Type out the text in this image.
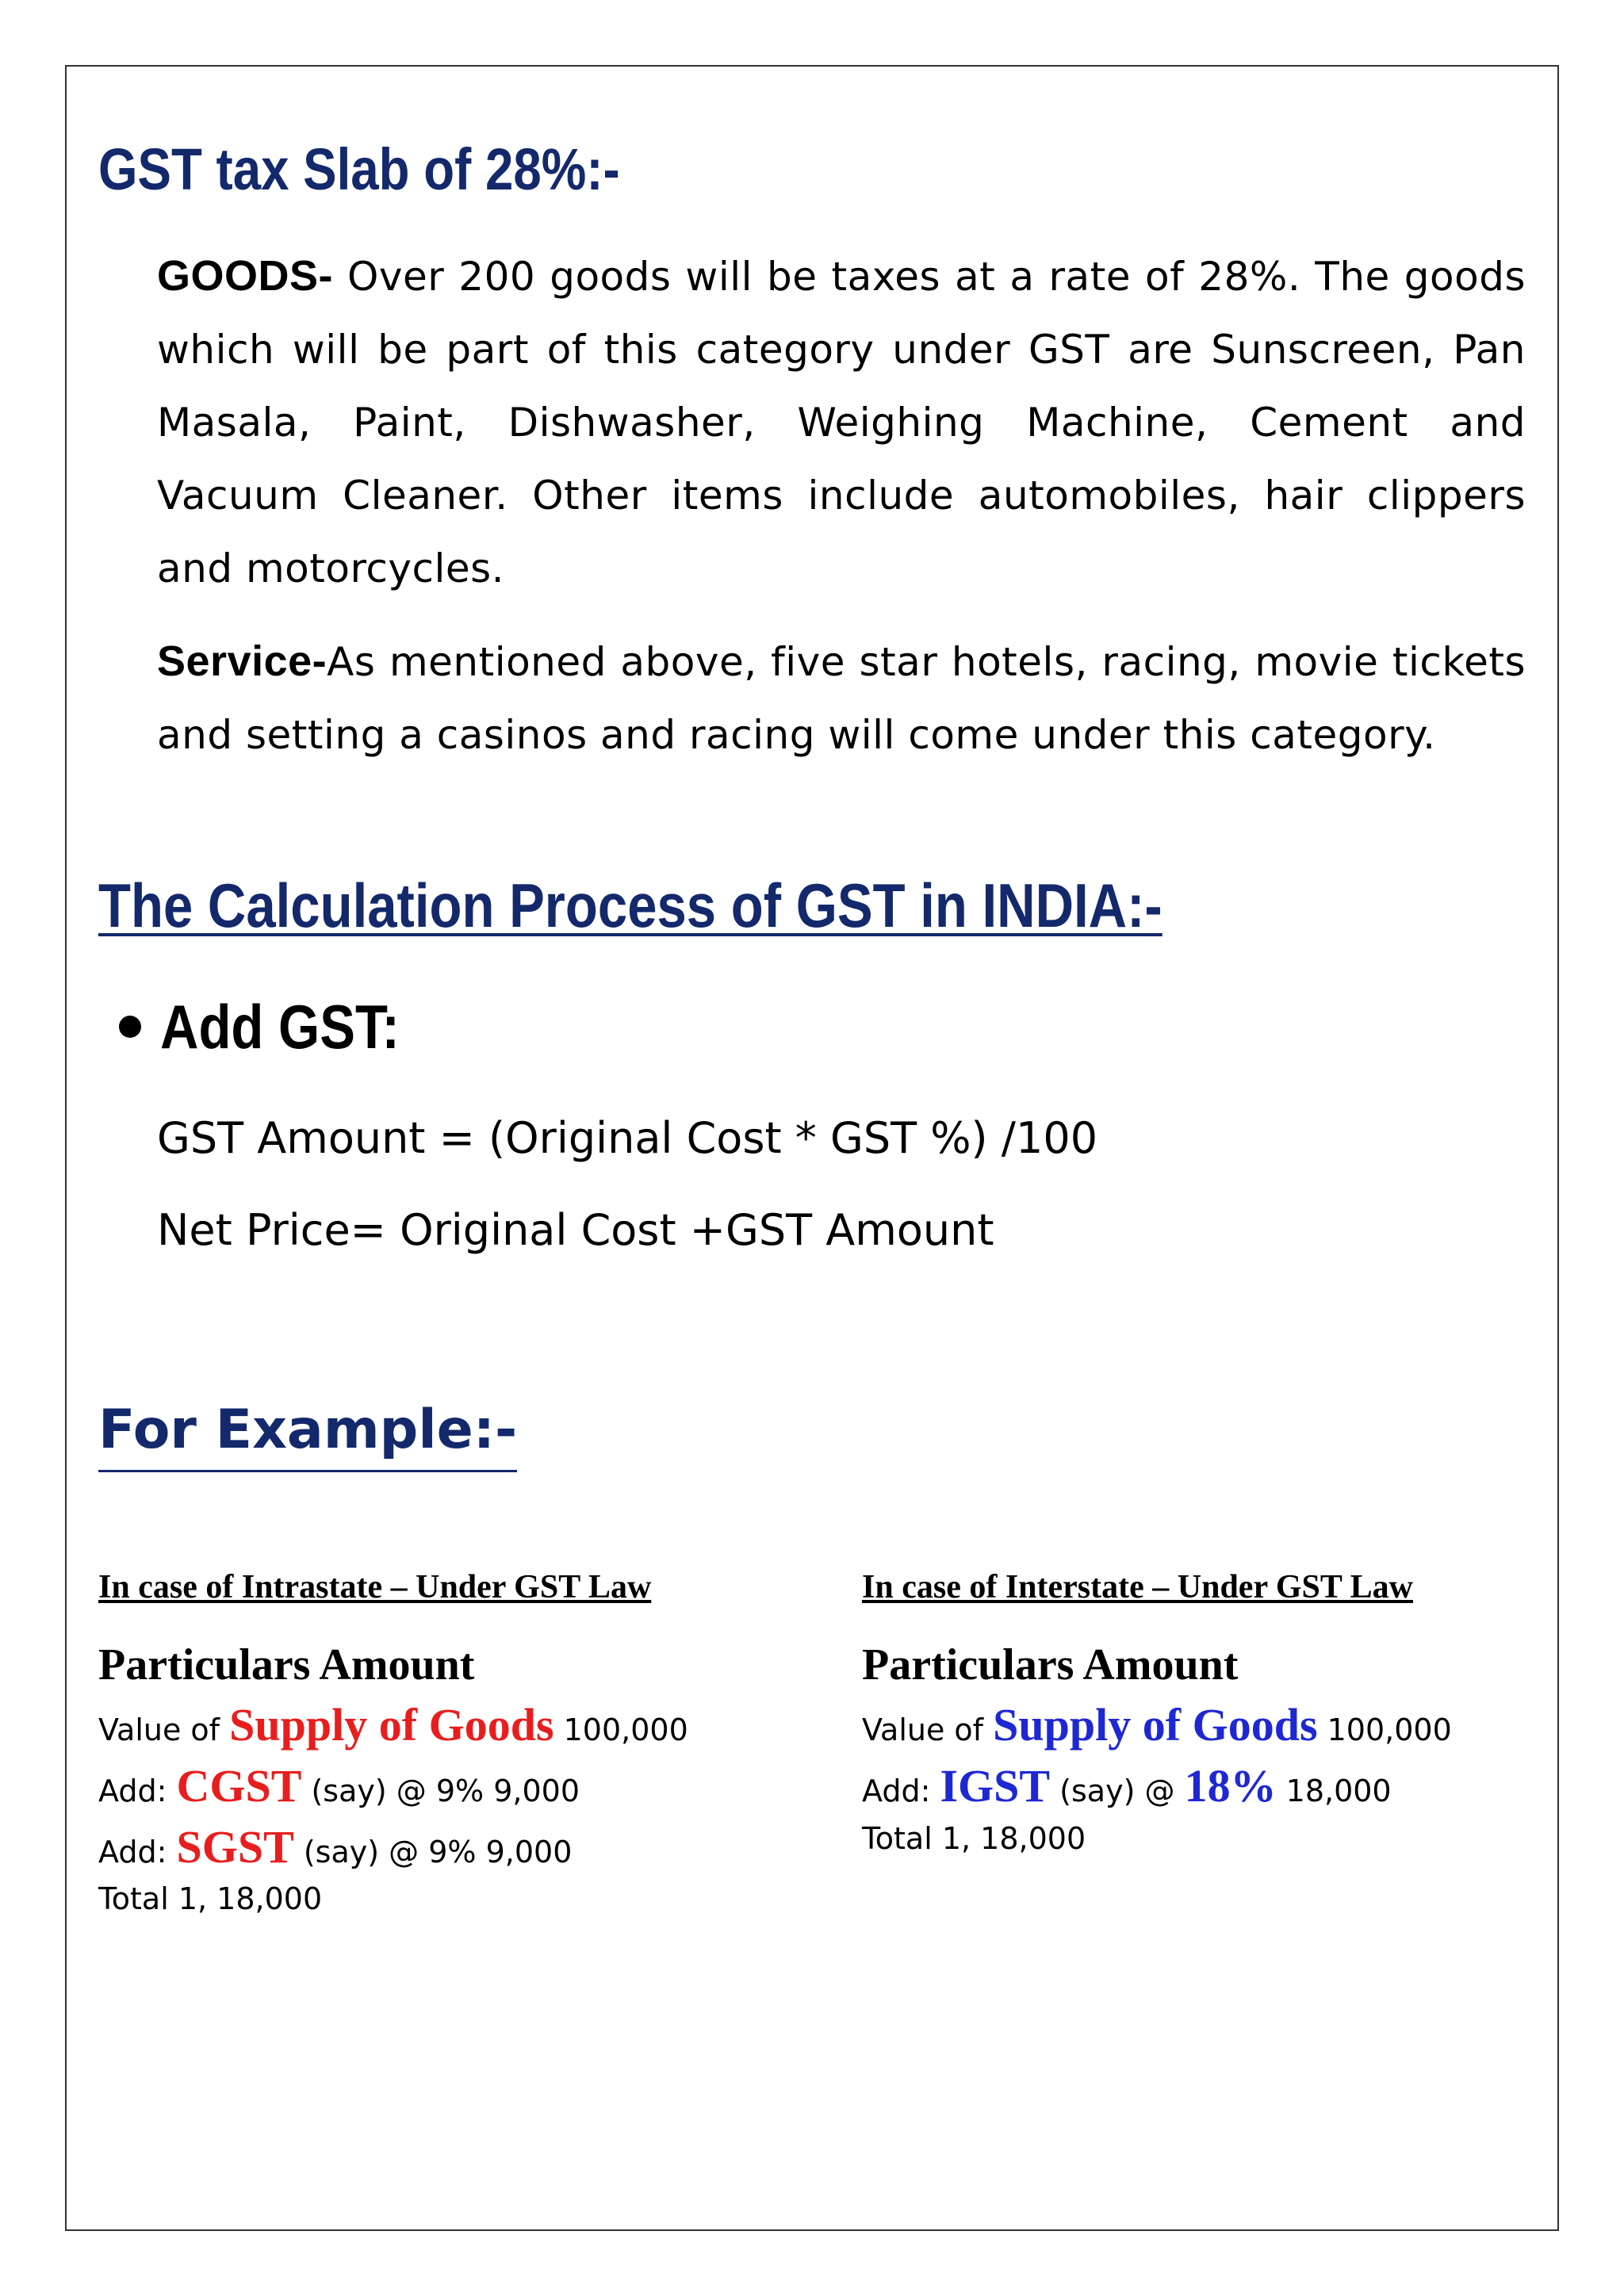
GST tax Slab of 28%:-
GOODS- Over 200 goods will be taxes at a rate of 28%. The goods which will be part of this category under GST are Sunscreen, Pan Masala, Paint, Dishwasher, Weighing Machine, Cement and Vacuum Cleaner. Other items include automobiles, hair clippers and motorcycles.
Service-As mentioned above, five star hotels, racing, movie tickets and setting a casinos and racing will come under this category.
The Calculation Process of GST in INDIA:-
Add GST:
GST Amount = (Original Cost * GST %) /100
Net Price= Original Cost +GST Amount
For Example:-
In case of Intrastate – Under GST Law
Particulars Amount
Value of Supply of Goods 100,000
Add: CGST (say) @ 9% 9,000
Add: SGST (say) @ 9% 9,000
Total 1, 18,000
In case of Interstate – Under GST Law
Particulars Amount
Value of Supply of Goods 100,000
Add: IGST (say) @ 18% 18,000
Total 1, 18,000
